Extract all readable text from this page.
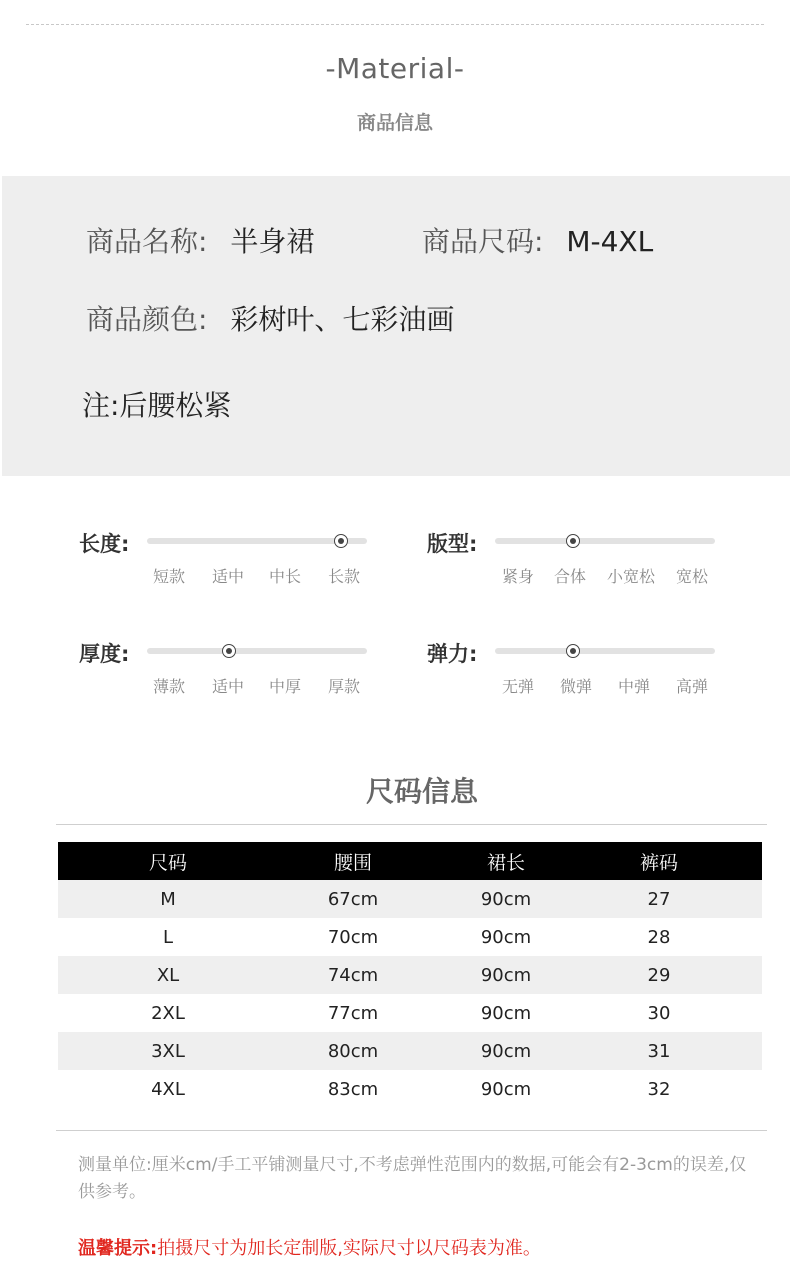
-Material-
商品信息
商品名称: 半身裙	商品尺码: M-4XL
商品颜色: 彩树叶、七彩油画
注:后腰松紧
长度:
短款	适中	中长	长款
版型:
紧身	合体	小宽松	宽松
厚度:
薄款	适中	中厚	厚款
弹力:
无弹	微弹	中弹	高弹
尺码信息
尺码	腰围	裙长	裤码	
M	67cm	90cm	27	
L	70cm	90cm	28	
XL	74cm	90cm	29	
2XL	77cm	90cm	30	
3XL	80cm	90cm	31	
4XL	83cm	90cm	32	
测量单位:厘米cm/手工平铺测量尺寸,不考虑弹性范围内的数据,可能会有2-3cm的误差,仅供参考。
温馨提示:拍摄尺寸为加长定制版,实际尺寸以尺码表为准。
